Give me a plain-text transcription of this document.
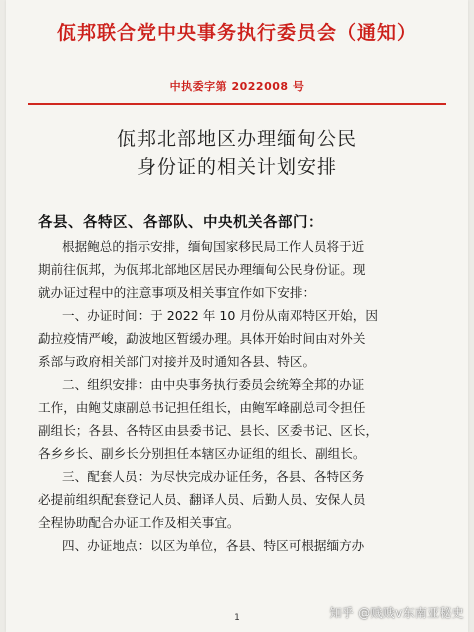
佤邦联合党中央事务执行委员会（通知）
中执委字第 2022008 号
佤邦北部地区办理缅甸公民
身份证的相关计划安排
各县、各特区、各部队、中央机关各部门：
根据鲍总的指示安排，缅甸国家移民局工作人员将于近
期前往佤邦，为佤邦北部地区居民办理缅甸公民身份证。现
就办证过程中的注意事项及相关事宜作如下安排：
一、办证时间：于 2022 年 10 月份从南邓特区开始，因
勐拉疫情严峻，勐波地区暂缓办理。具体开始时间由对外关
系部与政府相关部门对接并及时通知各县、特区。
二、组织安排：由中央事务执行委员会统筹全邦的办证
工作，由鲍艾康副总书记担任组长，由鲍军峰副总司令担任
副组长；各县、各特区由县委书记、县长、区委书记、区长，
各乡乡长、副乡长分别担任本辖区办证组的组长、副组长。
三、配套人员：为尽快完成办证任务，各县、各特区务
必提前组织配套登记人员、翻译人员、后勤人员、安保人员
全程协助配合办证工作及相关事宜。
四、办证地点：以区为单位，各县、特区可根据缅方办
1	知乎 @贱贱v东南亚秘史
